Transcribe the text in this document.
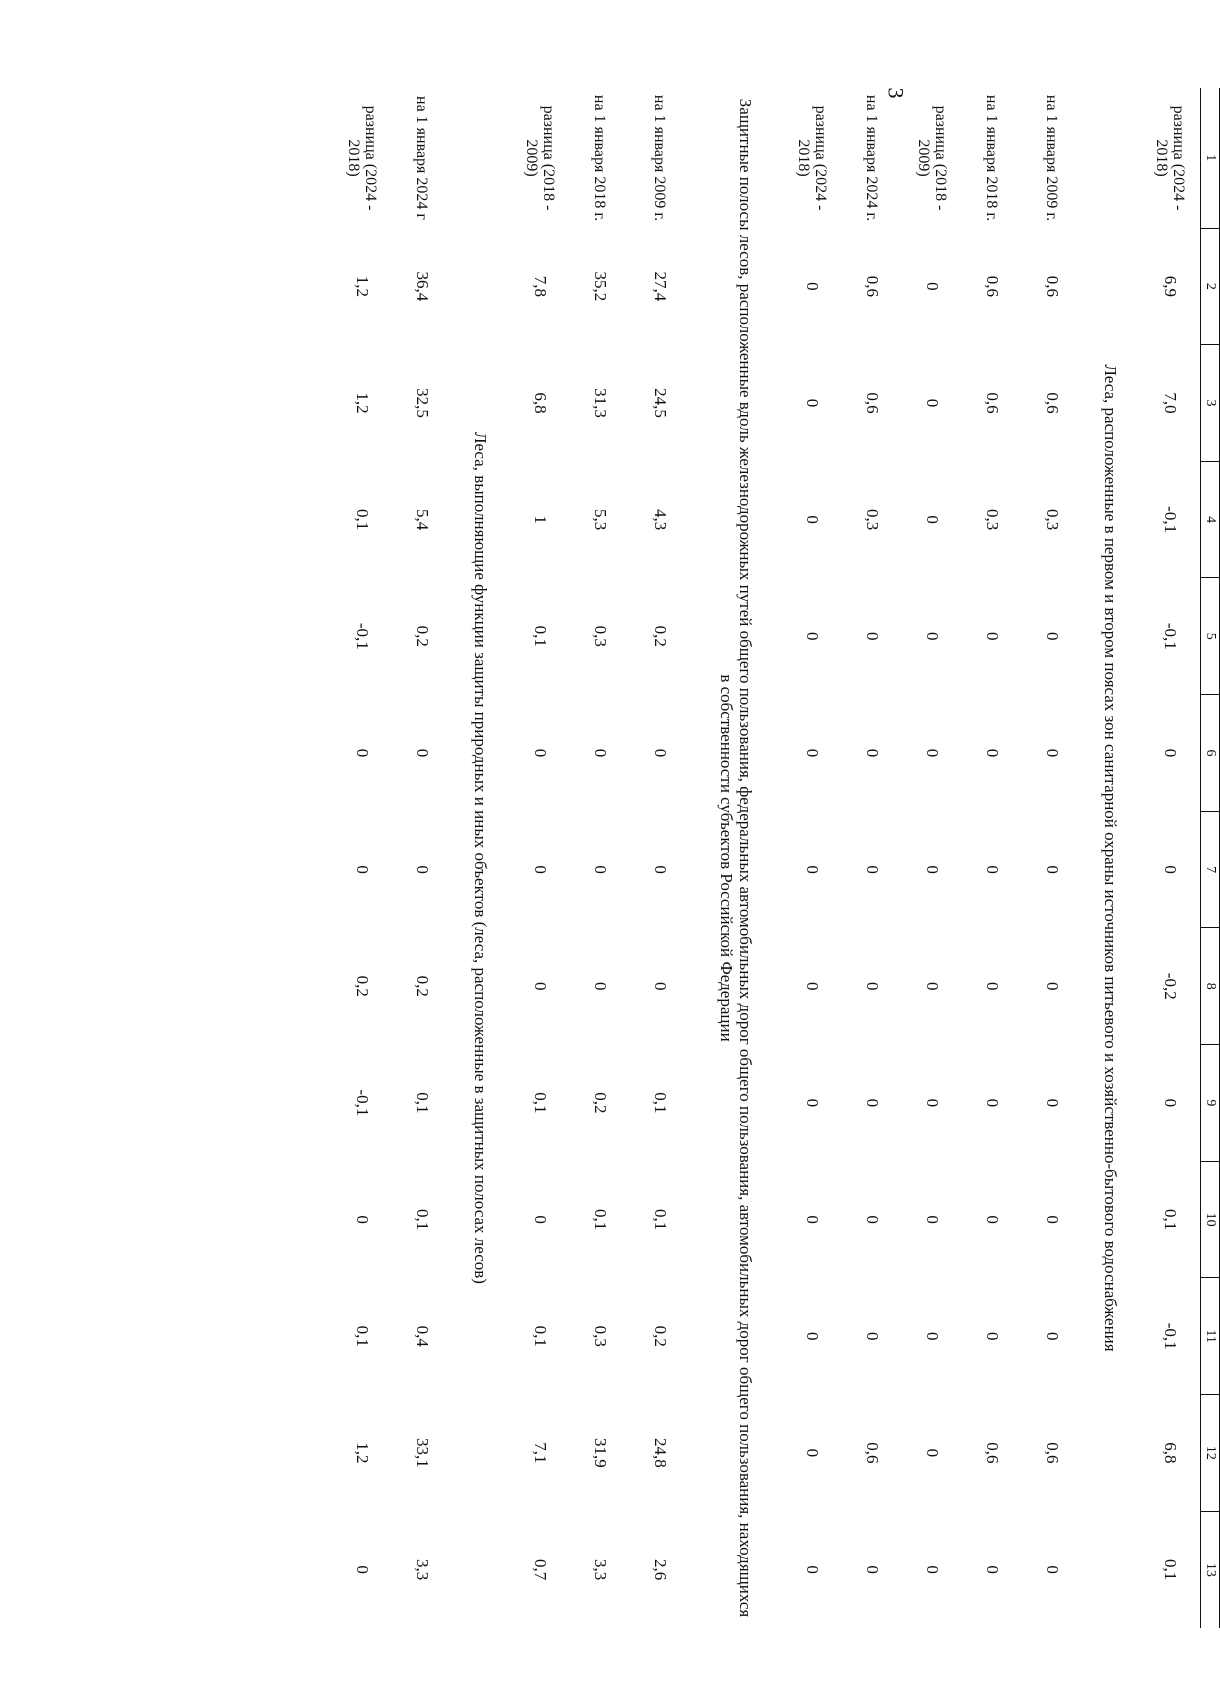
3
1	2	3	4	5	6	7	8	9	10	11	12	13
разница (2024 - 2018)	6,9	7,0	-0,1	-0,1	0	0	-0,2	0	0,1	-0,1	6,8	0,1
Леса, расположенные в первом и втором поясах зон санитарной охраны источников питьевого и хозяйственно-бытового водоснабжения												
на 1 января 2009 г.	0,6	0,6	0,3	0	0	0	0	0	0	0	0,6	0
на 1 января 2018 г.	0,6	0,6	0,3	0	0	0	0	0	0	0	0,6	0
разница (2018 - 2009)	0	0	0	0	0	0	0	0	0	0	0	0
на 1 января 2024 г.	0,6	0,6	0,3	0	0	0	0	0	0	0	0,6	0
разница (2024 - 2018)	0	0	0	0	0	0	0	0	0	0	0	0
Защитные полосы лесов, расположенные вдоль железнодорожных путей общего пользования, федеральных автомобильных дорог общего пользования, автомобильных дорог общего пользования, находящихся в собственности субъектов Российской Федерации												
на 1 января 2009 г.	27,4	24,5	4,3	0,2	0	0	0	0,1	0,1	0,2	24,8	2,6
на 1 января 2018 г.	35,2	31,3	5,3	0,3	0	0	0	0,2	0,1	0,3	31,9	3,3
разница (2018 - 2009)	7,8	6,8	1	0,1	0	0	0	0,1	0	0,1	7,1	0,7
Леса, выполняющие функции защиты природных и иных объектов (леса, расположенные в защитных полосах лесов)												
на 1 января 2024 г	36,4	32,5	5,4	0,2	0	0	0,2	0,1	0,1	0,4	33,1	3,3
разница (2024 - 2018)	1,2	1,2	0,1	-0,1	0	0	0,2	-0,1	0	0,1	1,2	0
